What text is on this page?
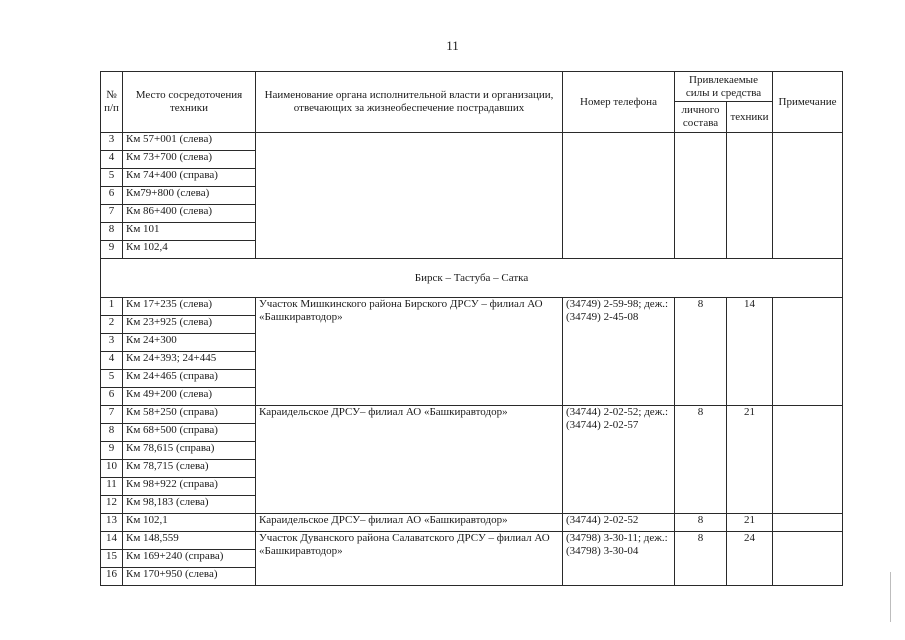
11
№ п/п	Место сосредоточения техники	Наименование органа исполнительной власти и организации, отвечающих за жизнеобеспечение пострадавших	Номер телефона	Привлекаемые силы и средства		Примечание
				личного состава	техники	
3	Км 57+001 (слева)					
4	Км 73+700 (слева)					
5	Км 74+400 (справа)					
6	Км79+800 (слева)					
7	Км 86+400 (слева)					
8	Км 101					
9	Км 102,4					
Бирск – Тастуба – Сатка						
1	Км 17+235 (слева)	Участок Мишкинского района Бирского ДРСУ – филиал АО «Башкиравтодор»	(34749) 2-59-98; деж.: (34749) 2-45-08	8	14	
2	Км 23+925 (слева)					
3	Км 24+300					
4	Км 24+393; 24+445					
5	Км 24+465 (справа)					
6	Км 49+200 (слева)					
7	Км 58+250 (справа)	Караидельское ДРСУ– филиал АО «Башкиравтодор»	(34744) 2-02-52; деж.: (34744) 2-02-57	8	21	
8	Км 68+500 (справа)					
9	Км 78,615 (справа)					
10	Км 78,715 (слева)					
11	Км 98+922 (справа)					
12	Км 98,183 (слева)					
13	Км 102,1	Караидельское ДРСУ– филиал АО «Башкиравтодор»	(34744) 2-02-52	8	21	
14	Км 148,559	Участок Дуванского района Салаватского ДРСУ – филиал АО «Башкиравтодор»	(34798) 3-30-11; деж.: (34798) 3-30-04	8	24	
15	Км 169+240 (справа)					
16	Км 170+950 (слева)					
